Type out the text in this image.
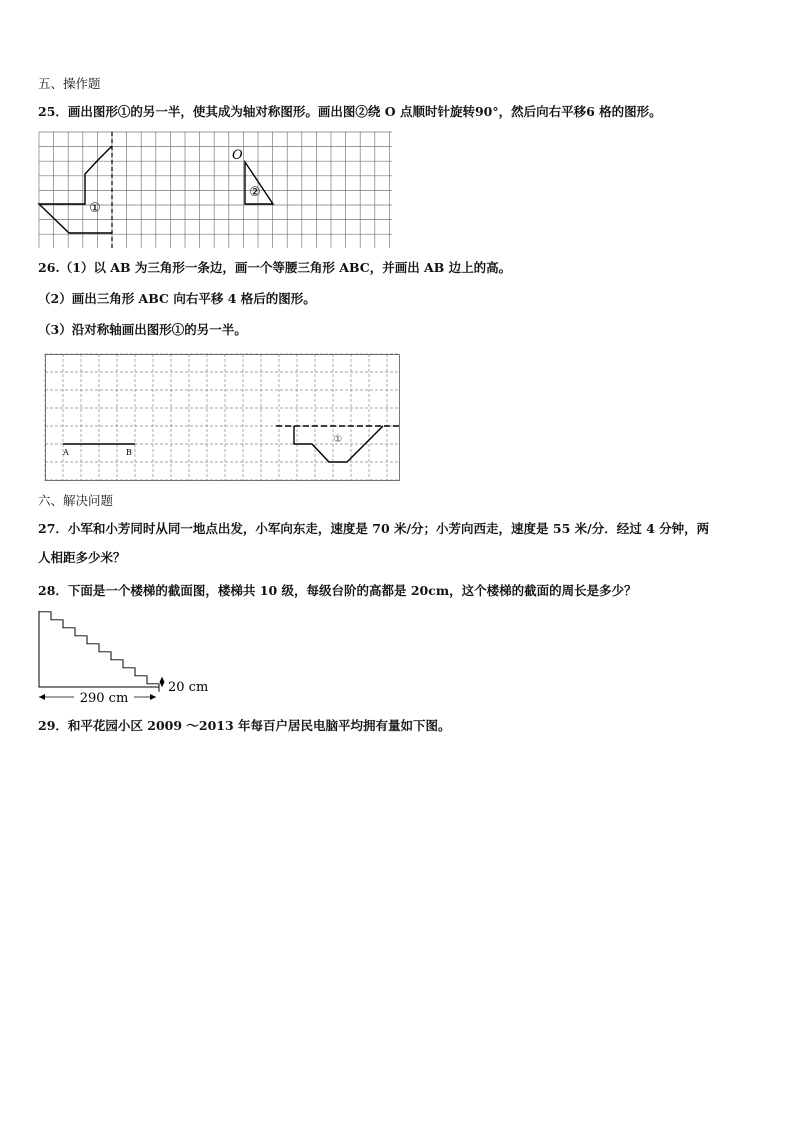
五、操作题
25．画出图形①的另一半，使其成为轴对称图形。画出图②绕 O 点顺时针旋转90°，然后向右平移6 格的图形。
①
②
O
26.（1）以 AB 为三角形一条边，画一个等腰三角形 ABC，并画出 AB 边上的高。
（2）画出三角形 ABC 向右平移 4 格后的图形。
（3）沿对称轴画出图形①的另一半。
A	B
①
六、解决问题
27．小军和小芳同时从同一地点出发，小军向东走，速度是 70 米/分；小芳向西走，速度是 55 米/分．经过 4 分钟，两
人相距多少米？
28．下面是一个楼梯的截面图，楼梯共 10 级，每级台阶的高都是 20cm，这个楼梯的截面的周长是多少？
290 cm
20 cm
29．和平花园小区 2009 ～2013 年每百户居民电脑平均拥有量如下图。
